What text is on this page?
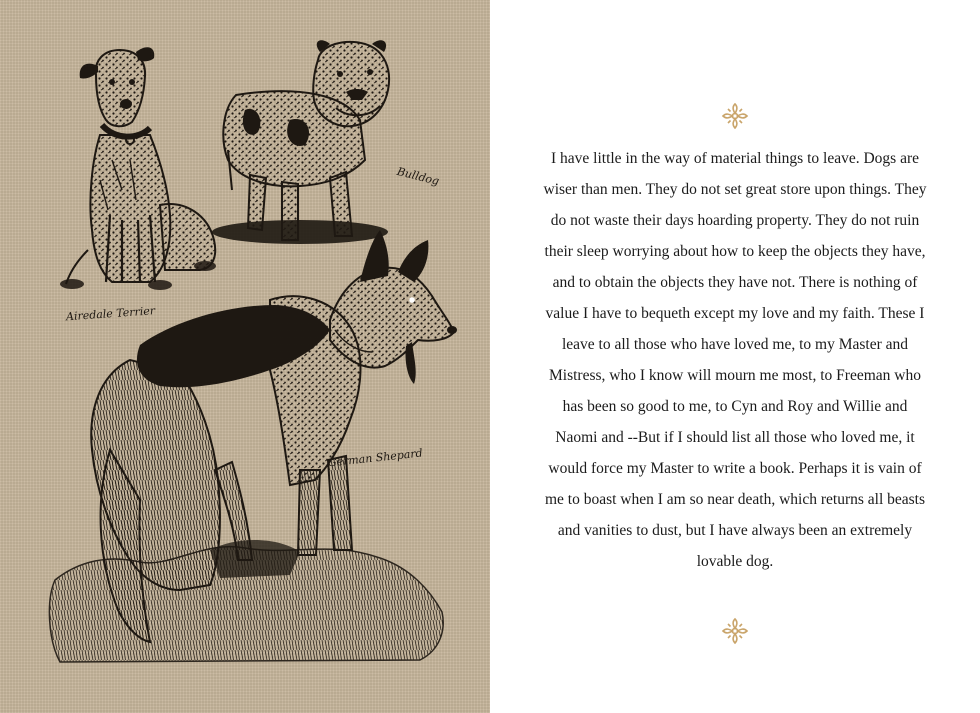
Airedale Terrier
Bulldog
German Shepard

I have little in the way of material things to leave. Dogs are wiser than men. They do not set great store upon things. They do not waste their days hoarding property. They do not ruin their sleep worrying about how to keep the objects they have, and to obtain the objects they have not. There is nothing of value I have to bequeth except my love and my faith. These I leave to all those who have loved me, to my Master and Mistress, who I know will mourn me most, to Freeman who has been so good to me, to Cyn and Roy and Willie and Naomi and --But if I should list all those who loved me, it would force my Master to write a book. Perhaps it is vain of me to boast when I am so near death, which returns all beasts and vanities to dust, but I have always been an extremely lovable dog.
